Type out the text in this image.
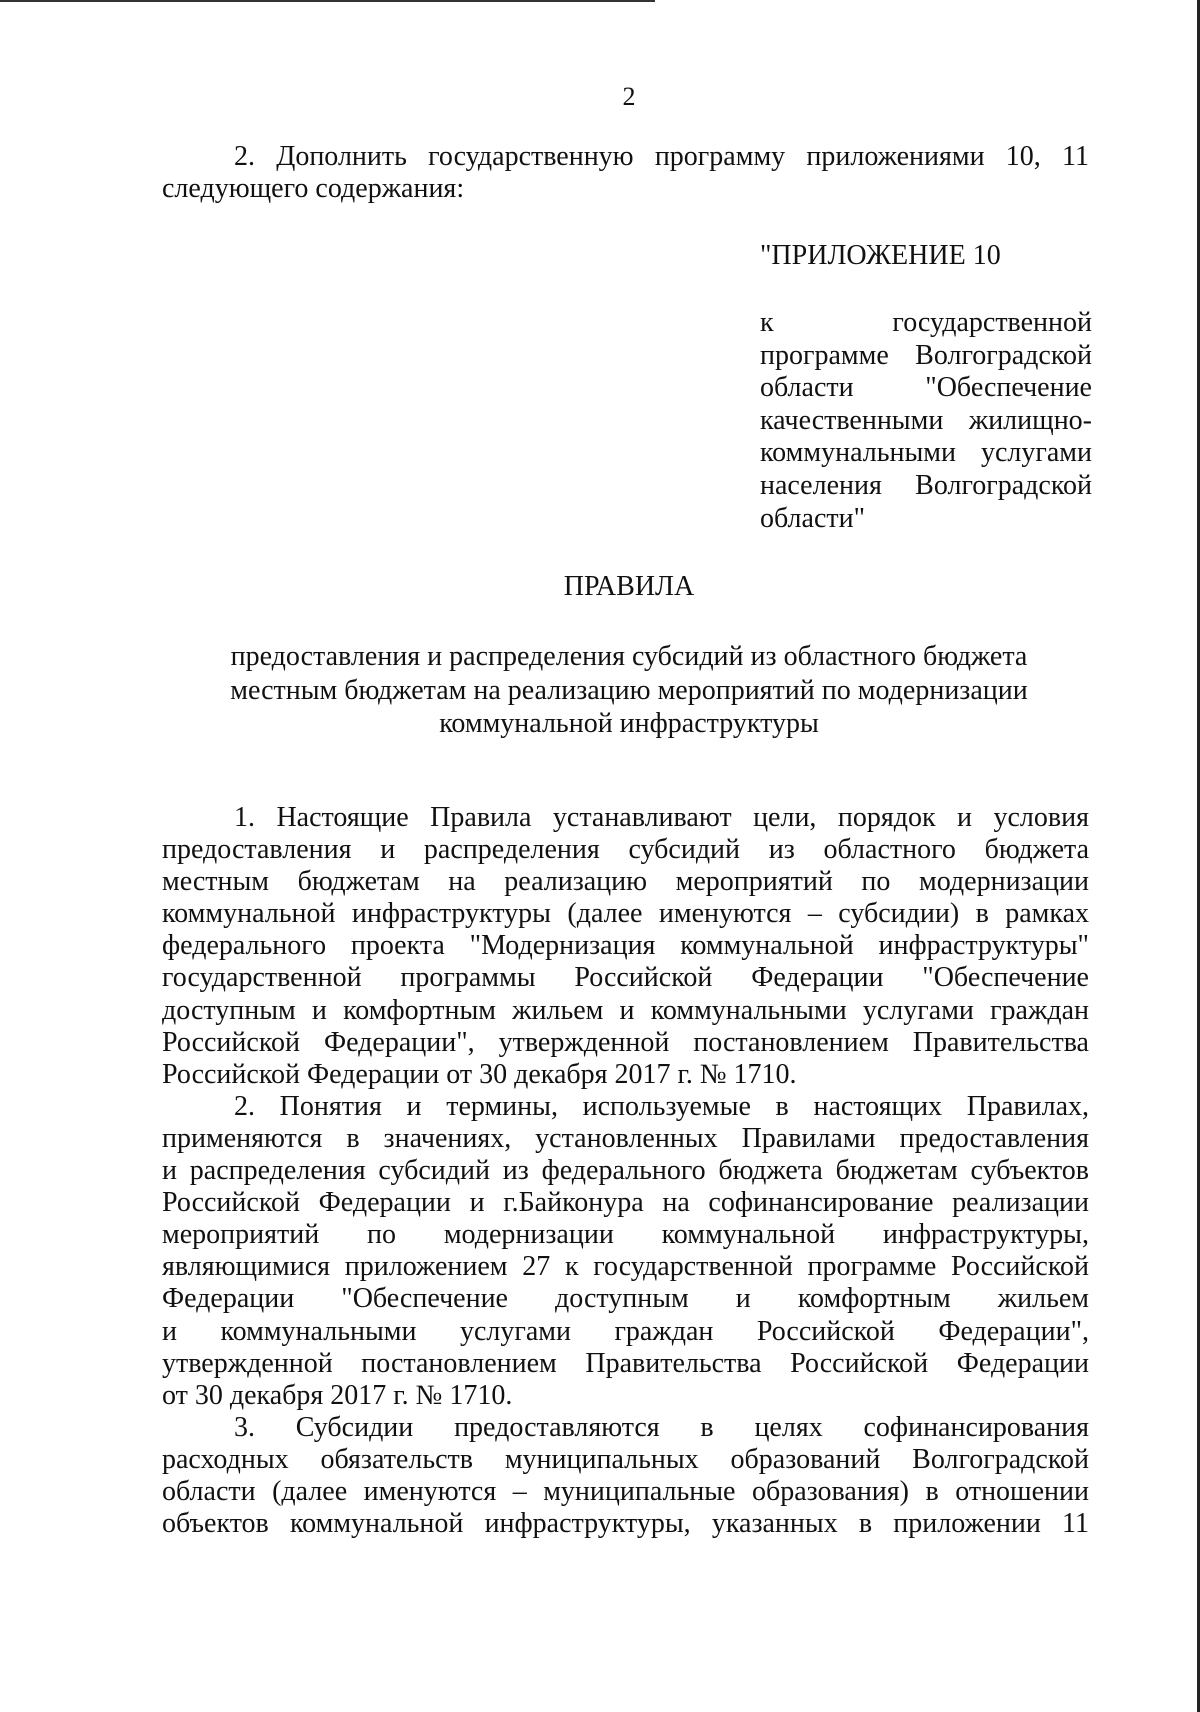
2
2. Дополнить государственную программу приложениями 10, 11
следующего содержания:
"ПРИЛОЖЕНИЕ 10
к государственной
программе Волгоградской
области "Обеспечение
качественными жилищно-
коммунальными услугами
населения Волгоградской
области"
ПРАВИЛА
предоставления и распределения субсидий из областного бюджета
местным бюджетам на реализацию мероприятий по модернизации
коммунальной инфраструктуры

1. Настоящие Правила устанавливают цели, порядок и условия
предоставления и распределения субсидий из областного бюджета
местным бюджетам на реализацию мероприятий по модернизации
коммунальной инфраструктуры (далее именуются – субсидии) в рамках
федерального проекта "Модернизация коммунальной инфраструктуры"
государственной программы Российской Федерации "Обеспечение
доступным и комфортным жильем и коммунальными услугами граждан
Российской Федерации", утвержденной постановлением Правительства
Российской Федерации от 30 декабря 2017 г. № 1710.

2. Понятия и термины, используемые в настоящих Правилах,
применяются в значениях, установленных Правилами предоставления
и распределения субсидий из федерального бюджета бюджетам субъектов
Российской Федерации и г.Байконура на софинансирование реализации
мероприятий по модернизации коммунальной инфраструктуры,
являющимися приложением 27 к государственной программе Российской
Федерации "Обеспечение доступным и комфортным жильем
и коммунальными услугами граждан Российской Федерации",
утвержденной постановлением Правительства Российской Федерации
от 30 декабря 2017 г. № 1710.

3. Субсидии предоставляются в целях софинансирования
расходных обязательств муниципальных образований Волгоградской
области (далее именуются – муниципальные образования) в отношении
объектов коммунальной инфраструктуры, указанных в приложении 11
